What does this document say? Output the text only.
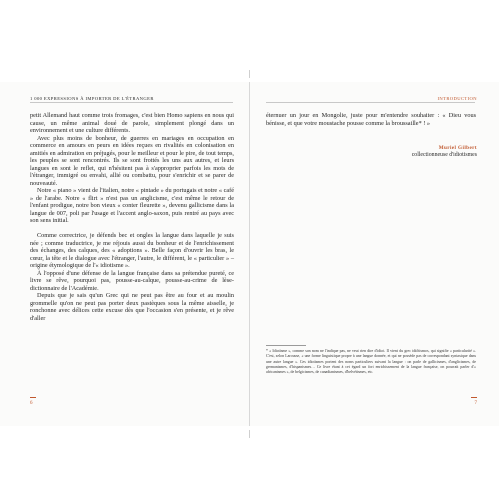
1 000 EXPRESSIONS À IMPORTER DE L'ÉTRANGER	INTRODUCTION

petit Allemand haut comme trois fromages, c'est bien Homo sapiens en nous qui cause, un même animal doué de parole, simplement plongé dans un environnement et une culture différents.

Avec plus moins de bonheur, de guerres en mariages en occupation en commerce en amours en peurs en idées reçues en rivalités en colonisation en amitiés en admiration en préjugés, pour le meilleur et pour le pire, de tout temps, les peuples se sont rencontrés. Ils se sont frottés les uns aux autres, et leurs langues en sont le reflet, qui n'hésitent pas à s'approprier parfois les mots de l'étranger, immigré ou envahi, allié ou combattu, pour s'enrichir et se parer de nouveauté.

Notre « piano » vient de l'italien, notre « pintade » du portugais et notre « café » de l'arabe. Notre « flirt » n'est pas un anglicisme, c'est même le retour de l'enfant prodigue, notre bon vieux « conter fleurette », devenu gallicisme dans la langue de 007, poli par l'usage et l'accent anglo-saxon, puis rentré au pays avec son sens initial.

Comme correctrice, je défends bec et ongles la langue dans laquelle je suis née ; comme traductrice, je me réjouis aussi du bonheur et de l'enrichissement des échanges, des calques, des « adoptions ». Belle façon d'ouvrir les bras, le cœur, la tête et le dialogue avec l'étranger, l'autre, le différent, le « particulier » – origine étymologique de l'« idiotisme ».

À l'opposé d'une défense de la langue française dans sa prétendue pureté, ce livre se rêve, pourquoi pas, pousse-au-calque, pousse-au-crime de lèse-dictionnaire de l'Académie.

Depuis que je sais qu'un Grec qui ne peut pas être au four et au moulin grommelle qu'on ne peut pas porter deux pastèques sous la même aisselle, je ronchonne avec délices cette excuse dès que l'occasion s'en présente, et je rêve d'aller

éternuer un jour en Mongolie, juste pour m'entendre souhaiter : « Dieu vous bénisse, et que votre moustache pousse comme la broussaille* ! »

Muriel Gilbert
collectionneuse d'idiotismes
* « Idiotisme », comme son nom ne l'indique pas, ne veut rien dire d'idiot. Il vient du grec idiôtismos, qui signifie « particularité ». C'est, selon Larousse, « une forme linguistique propre à une langue donnée, et qui ne possède pas de correspondant syntaxique dans une autre langue ». Ces idiotismes portent des noms particuliers suivant la langue : on parle de gallicismes, d'anglicismes, de germanismes, d'hispanismes… Ce livre étant à cet égard un fort enrichissement de la langue française, on pourrait parler d'« africanismes », de belgicismes, de canadianismes, d'helvétismes, etc.
6	7
